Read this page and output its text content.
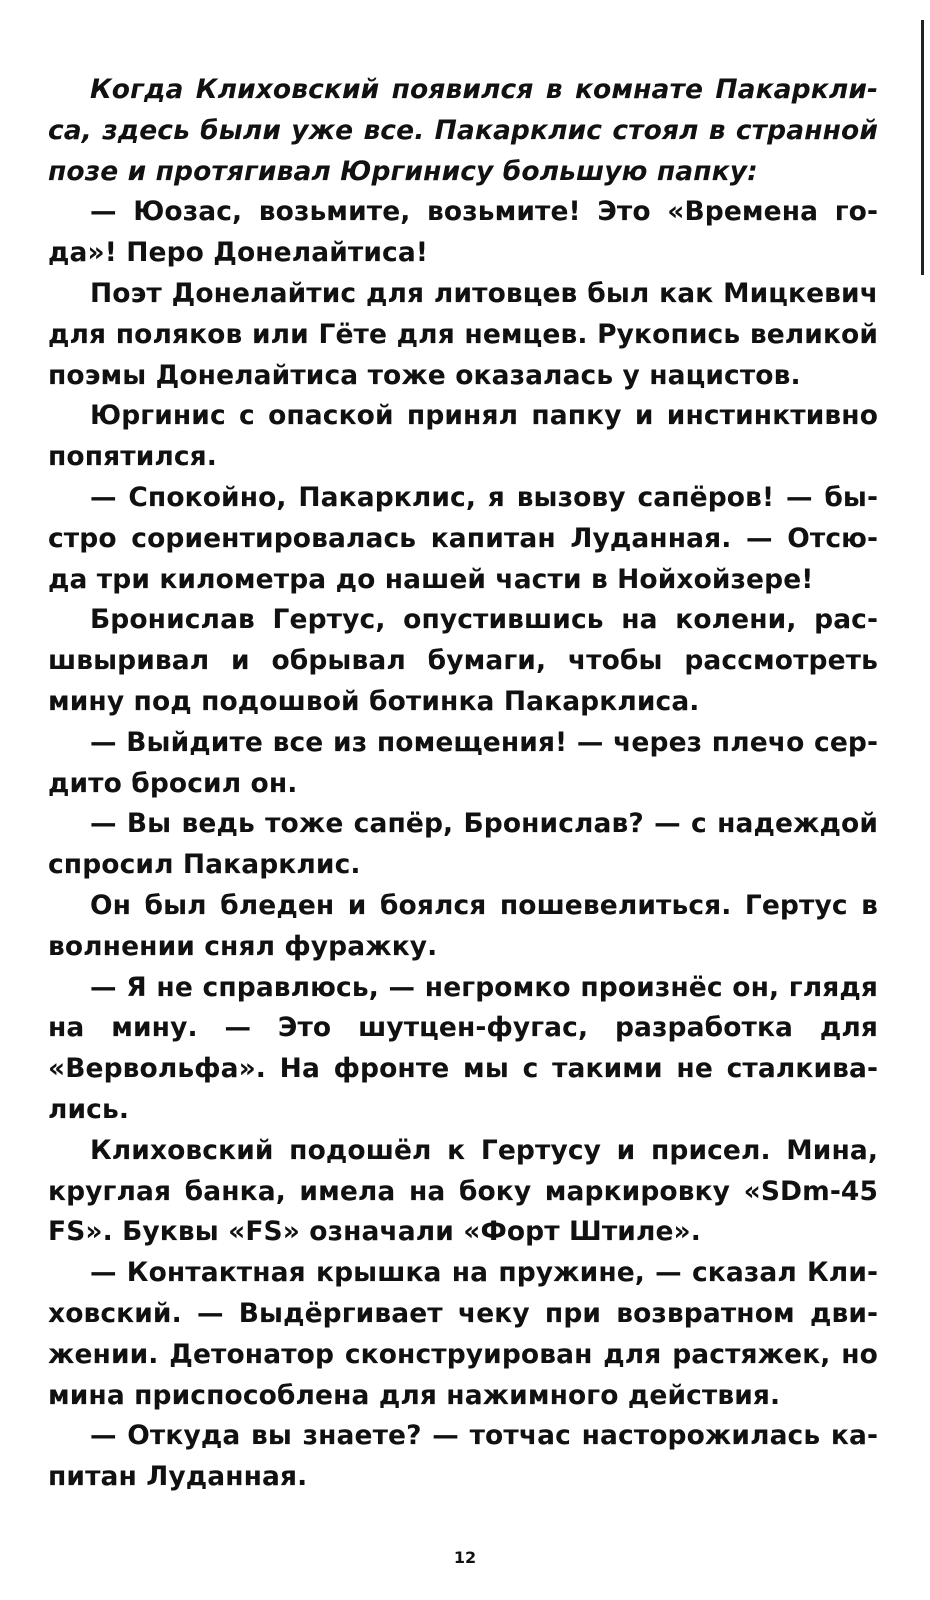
Когда Клиховский появился в комнате Пакарклиса, здесь были уже все. Пакарклис стоял в странной позе и протягивал Юргинису большую папку:

— Юозас, возьмите, возьмите! Это «Времена года»! Перо Донелайтиса!

Поэт Донелайтис для литовцев был как Мицкевич для поляков или Гёте для немцев. Рукопись великой поэмы Донелайтиса тоже оказалась у нацистов.

Юргинис с опаской принял папку и инстинктивно попятился.

— Спокойно, Пакарклис, я вызову сапёров! — быстро сориентировалась капитан Луданная. — Отсюда три километра до нашей части в Нойхойзере!

Бронислав Гертус, опустившись на колени, расшвыривал и обрывал бумаги, чтобы рассмотреть мину под подошвой ботинка Пакарклиса.

— Выйдите все из помещения! — через плечо сердито бросил он.

— Вы ведь тоже сапёр, Бронислав? — с надеждой спросил Пакарклис.

Он был бледен и боялся пошевелиться. Гертус в волнении снял фуражку.

— Я не справлюсь, — негромко произнёс он, глядя на мину. — Это шутцен-фугас, разработка для «Вервольфа». На фронте мы с такими не сталкивались.

Клиховский подошёл к Гертусу и присел. Мина, круглая банка, имела на боку маркировку «SDm-45 FS». Буквы «FS» означали «Форт Штиле».

— Контактная крышка на пружине, — сказал Клиховский. — Выдёргивает чеку при возвратном движении. Детонатор сконструирован для растяжек, но мина приспособлена для нажимного действия.

— Откуда вы знаете? — тотчас насторожилась капитан Луданная.

12
